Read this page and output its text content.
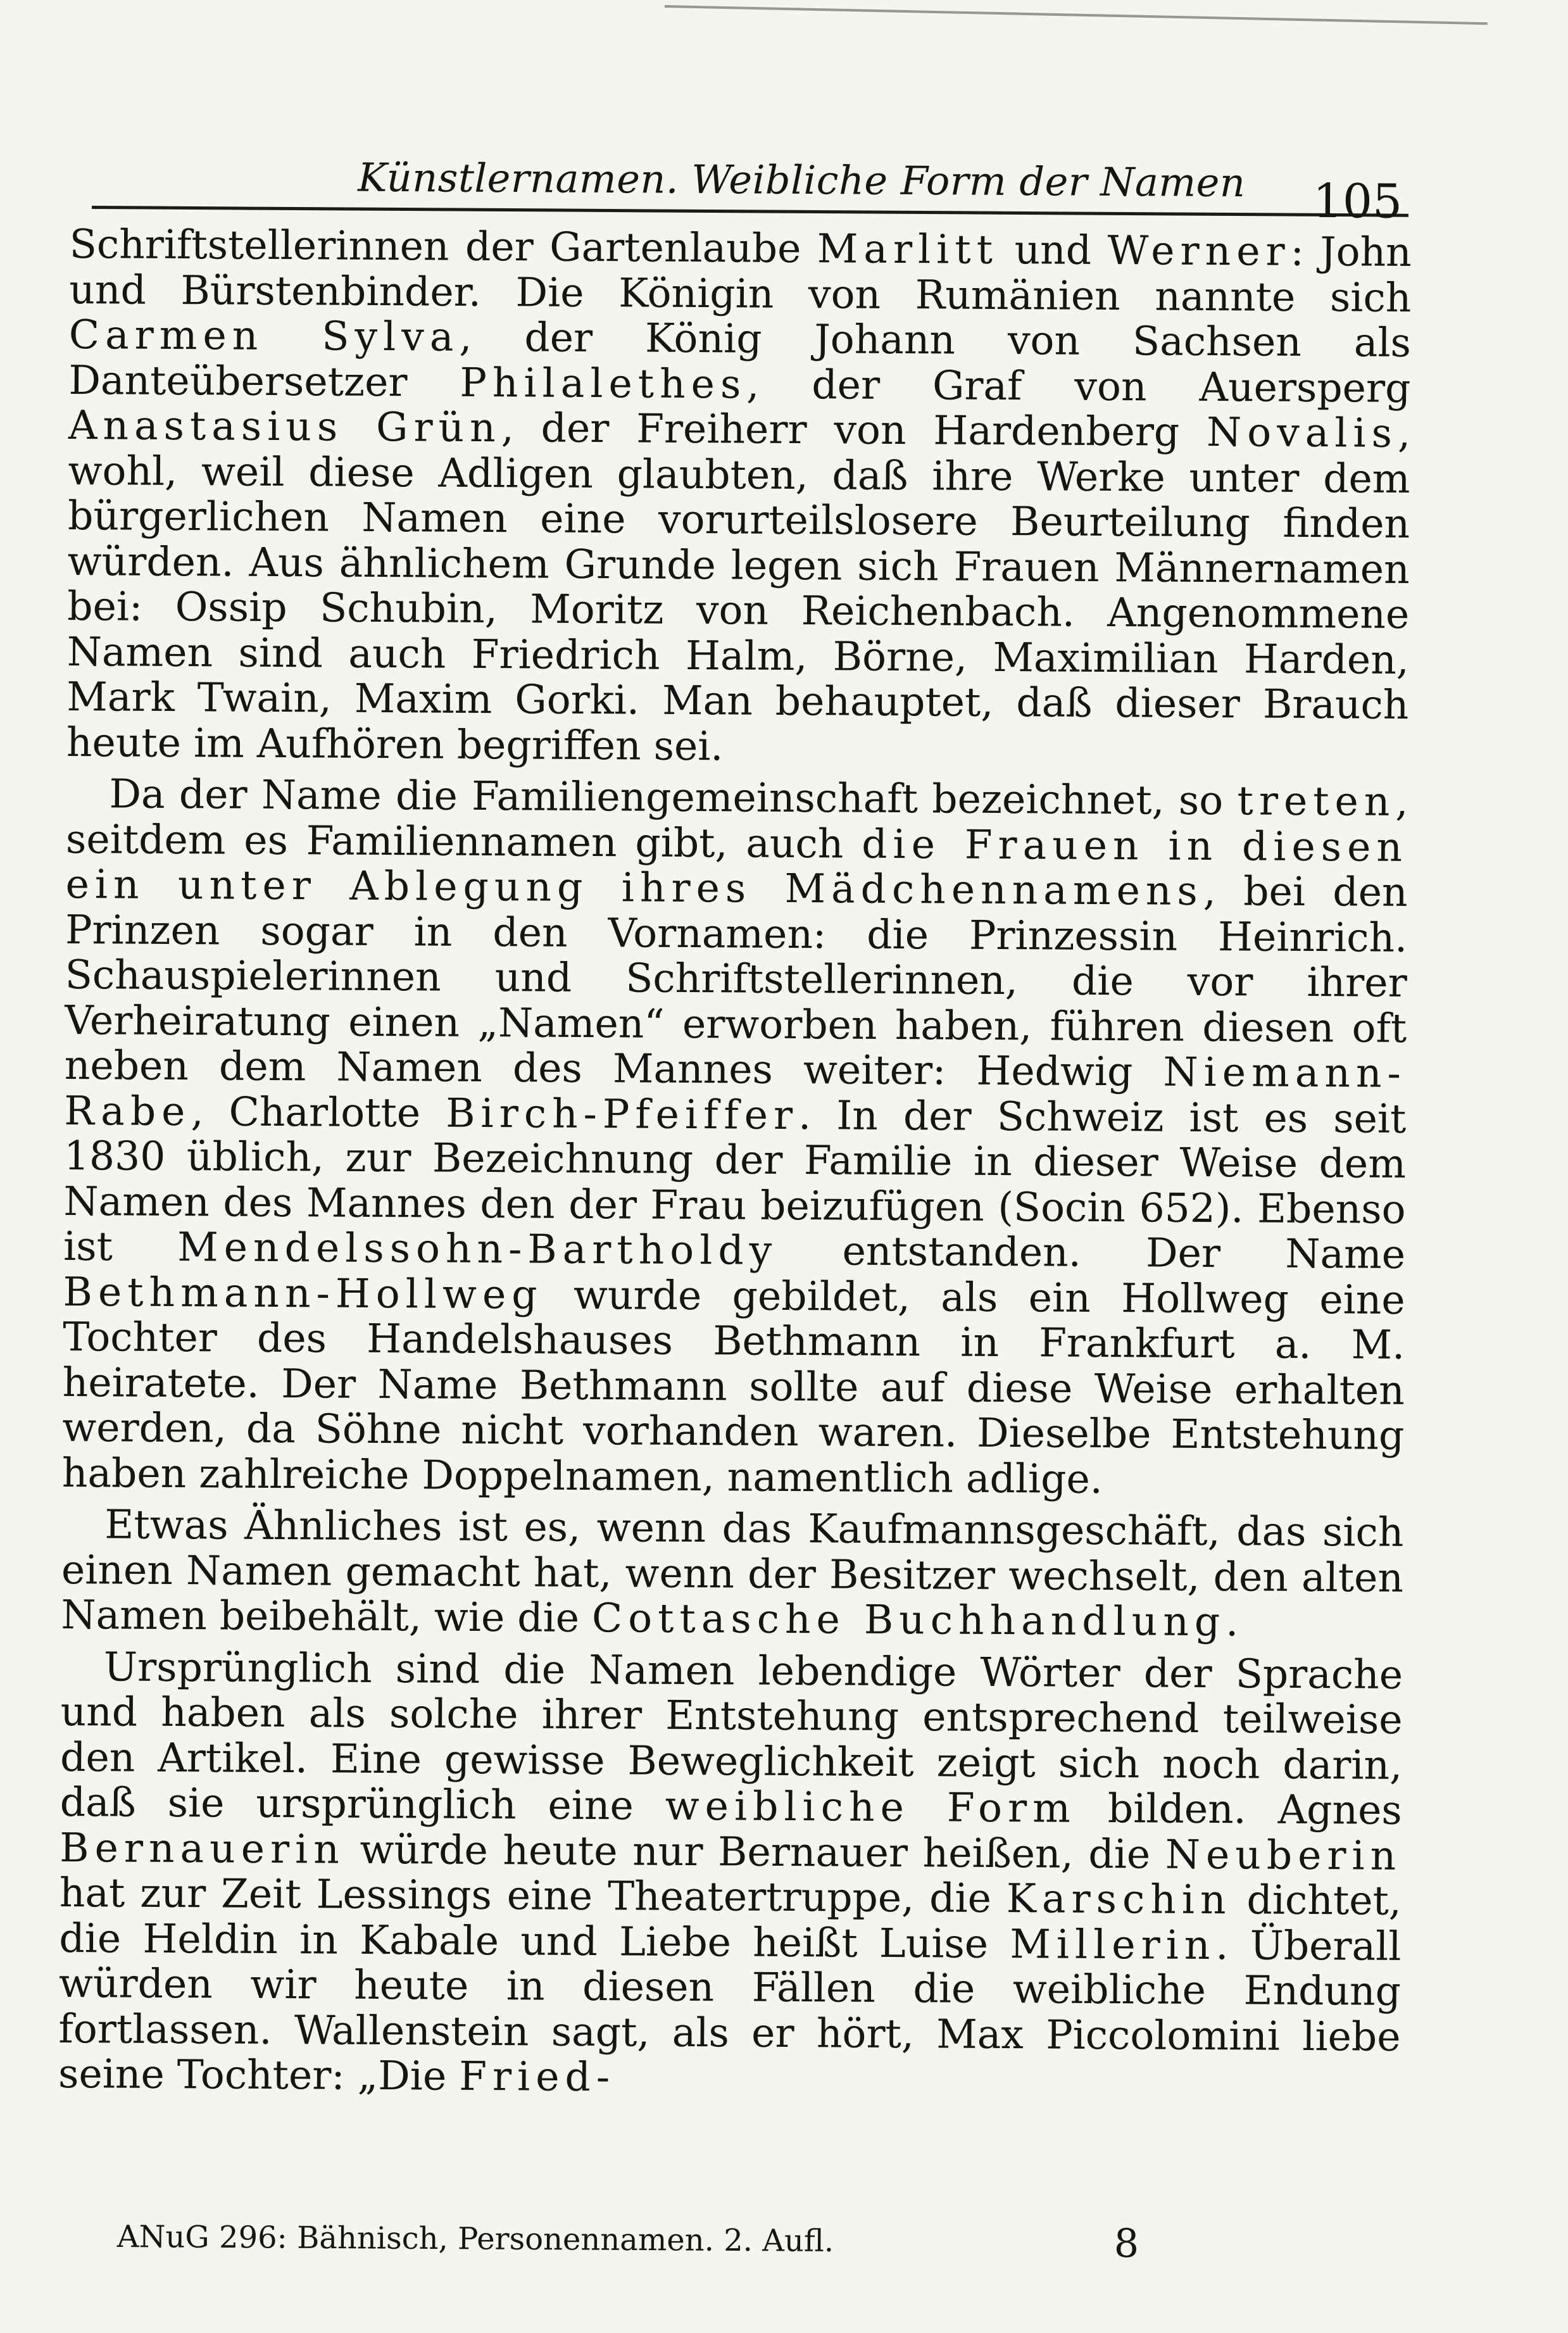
Künstlernamen. Weibliche Form der Namen 105

Schriftstellerinnen der Gartenlaube Marlitt und Werner: John und Bürstenbinder. Die Königin von Rumänien nannte sich Carmen Sylva, der König Johann von Sachsen als Danteübersetzer Philalethes, der Graf von Auersperg Anastasius Grün, der Freiherr von Hardenberg Novalis, wohl, weil diese Adligen glaubten, daß ihre Werke unter dem bürgerlichen Namen eine vorurteilslosere Beurteilung finden würden. Aus ähnlichem Grunde legen sich Frauen Männernamen bei: Ossip Schubin, Moritz von Reichenbach. Angenommene Namen sind auch Friedrich Halm, Börne, Maximilian Harden, Mark Twain, Maxim Gorki. Man behauptet, daß dieser Brauch heute im Aufhören begriffen sei.

Da der Name die Familiengemeinschaft bezeichnet, so treten, seitdem es Familiennamen gibt, auch die Frauen in diesen ein unter Ablegung ihres Mädchennamens, bei den Prinzen sogar in den Vornamen: die Prinzessin Heinrich. Schauspielerinnen und Schriftstellerinnen, die vor ihrer Verheiratung einen „Namen“ erworben haben, führen diesen oft neben dem Namen des Mannes weiter: Hedwig Niemann-Rabe, Charlotte Birch-Pfeiffer. In der Schweiz ist es seit 1830 üblich, zur Bezeichnung der Familie in dieser Weise dem Namen des Mannes den der Frau beizufügen (Socin 652). Ebenso ist Mendelssohn-Bartholdy entstanden. Der Name Bethmann-Hollweg wurde gebildet, als ein Hollweg eine Tochter des Handelshauses Bethmann in Frankfurt a. M. heiratete. Der Name Bethmann sollte auf diese Weise erhalten werden, da Söhne nicht vorhanden waren. Dieselbe Entstehung haben zahlreiche Doppelnamen, namentlich adlige.

Etwas Ähnliches ist es, wenn das Kaufmannsgeschäft, das sich einen Namen gemacht hat, wenn der Besitzer wechselt, den alten Namen beibehält, wie die Cottasche Buchhandlung.

Ursprünglich sind die Namen lebendige Wörter der Sprache und haben als solche ihrer Entstehung entsprechend teilweise den Artikel. Eine gewisse Beweglichkeit zeigt sich noch darin, daß sie ursprünglich eine weibliche Form bilden. Agnes Bernauerin würde heute nur Bernauer heißen, die Neuberin hat zur Zeit Lessings eine Theatertruppe, die Karschin dichtet, die Heldin in Kabale und Liebe heißt Luise Millerin. Überall würden wir heute in diesen Fällen die weibliche Endung fortlassen. Wallenstein sagt, als er hört, Max Piccolomini liebe seine Tochter: „Die Fried-

ANuG 296: Bähnisch, Personennamen. 2. Aufl.	8
